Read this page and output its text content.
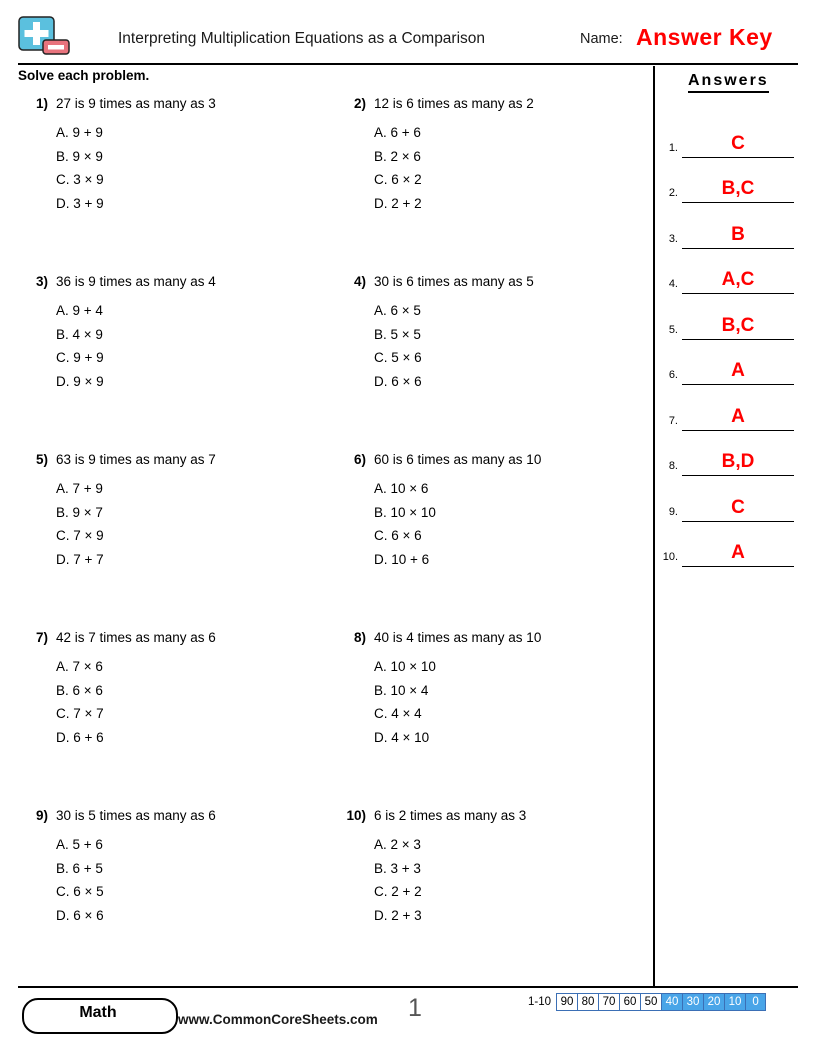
Interpreting Multiplication Equations as a Comparison	Name: Answer Key
Solve each problem.
1) 27 is 9 times as many as 3
A. 9 + 9
B. 9 × 9
C. 3 × 9
D. 3 + 9
2) 12 is 6 times as many as 2
A. 6 + 6
B. 2 × 6
C. 6 × 2
D. 2 + 2
3) 36 is 9 times as many as 4
A. 9 + 4
B. 4 × 9
C. 9 + 9
D. 9 × 9
4) 30 is 6 times as many as 5
A. 6 × 5
B. 5 × 5
C. 5 × 6
D. 6 × 6
5) 63 is 9 times as many as 7
A. 7 + 9
B. 9 × 7
C. 7 × 9
D. 7 + 7
6) 60 is 6 times as many as 10
A. 10 × 6
B. 10 × 10
C. 6 × 6
D. 10 + 6
7) 42 is 7 times as many as 6
A. 7 × 6
B. 6 × 6
C. 7 × 7
D. 6 + 6
8) 40 is 4 times as many as 10
A. 10 × 10
B. 10 × 4
C. 4 × 4
D. 4 × 10
9) 30 is 5 times as many as 6
A. 5 + 6
B. 6 + 5
C. 6 × 5
D. 6 × 6
10) 6 is 2 times as many as 3
A. 2 × 3
B. 3 + 3
C. 2 + 2
D. 2 + 3
Answers
1.	C
2.	B,C
3.	B
4.	A,C
5.	B,C
6.	A
7.	A
8.	B,D
9.	C
10.	A
Math	www.CommonCoreSheets.com 1	1-10 90 80 70 60 50 40 30 20 10 0
